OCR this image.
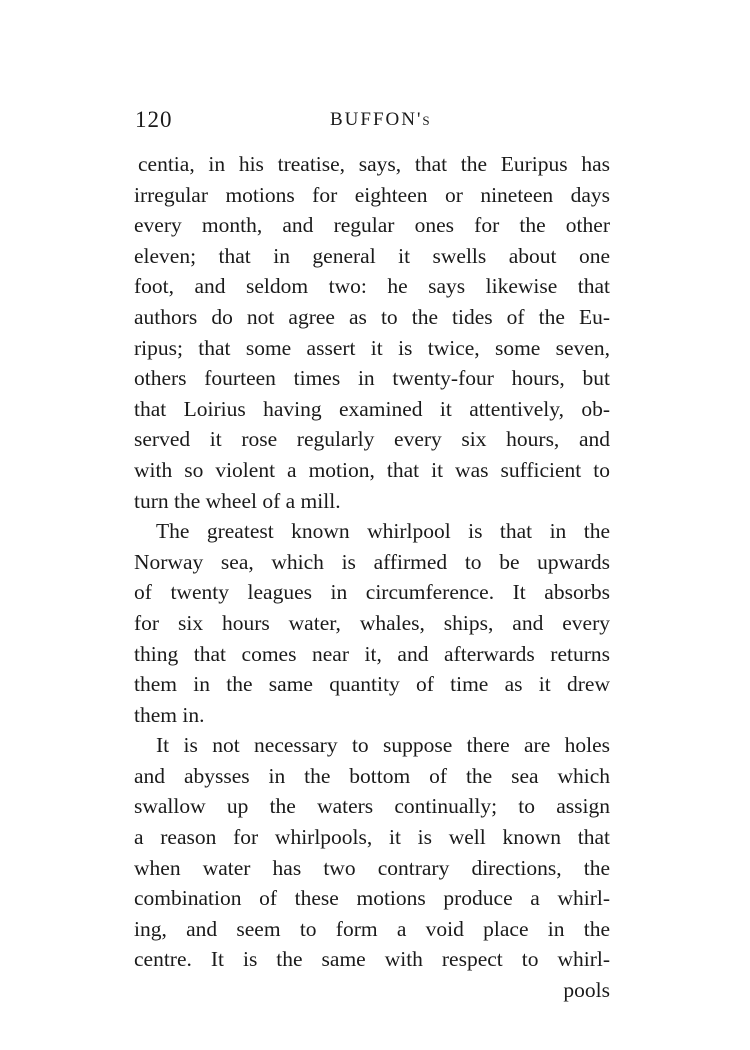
120	BUFFON's
centia, in his treatise, says, that the Euripus has
irregular motions for eighteen or nineteen days
every month, and regular ones for the other
eleven; that in general it swells about one
foot, and seldom two: he says likewise that
authors do not agree as to the tides of the Eu-
ripus; that some assert it is twice, some seven,
others fourteen times in twenty-four hours, but
that Loirius having examined it attentively, ob-
served it rose regularly every six hours, and
with so violent a motion, that it was sufficient to
turn the wheel of a mill.
The greatest known whirlpool is that in the
Norway sea, which is affirmed to be upwards
of twenty leagues in circumference. It absorbs
for six hours water, whales, ships, and every
thing that comes near it, and afterwards returns
them in the same quantity of time as it drew
them in.
It is not necessary to suppose there are holes
and abysses in the bottom of the sea which
swallow up the waters continually; to assign
a reason for whirlpools, it is well known that
when water has two contrary directions, the
combination of these motions produce a whirl-
ing, and seem to form a void place in the
centre. It is the same with respect to whirl-
pools
